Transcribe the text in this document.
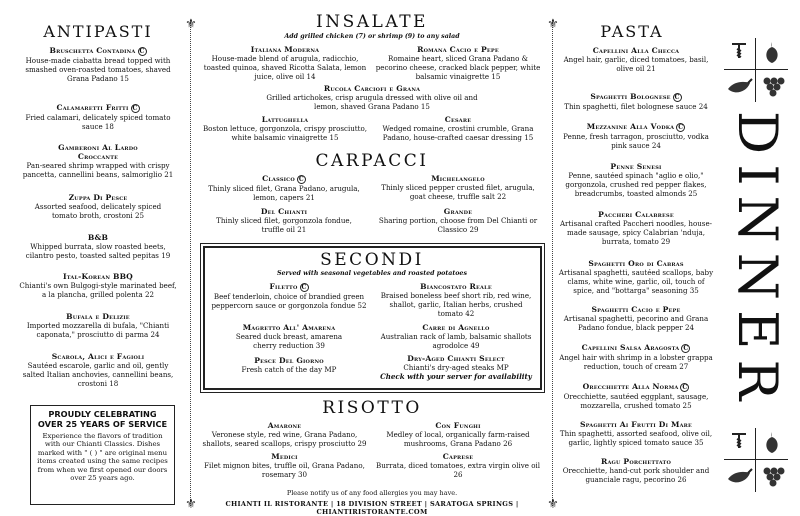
ANTIPASTI
Bruschetta Contadina C
House-made ciabatta bread topped with smashed oven-roasted tomatoes, shaved Grana Padano 15
Calamaretti Fritti C
Fried calamari, delicately spiced tomato sauce 18
Gamberoni Al Lardo Croccante
Pan-seared shrimp wrapped with crispy pancetta, cannellini beans, salmoriglio 21
Zuppa Di Pesce
Assorted seafood, delicately spiced tomato broth, crostoni 25
B&B
Whipped burrata, slow roasted beets, cilantro pesto, toasted salted pepitas 19
Ital-Korean BBQ
Chianti's own Bulgogi-style marinated beef, a la plancha, grilled polenta 22
Bufala e Delizie
Imported mozzarella di bufala, "Chianti caponata," prosciutto di parma 24
Scarola, Alici e Fagioli
Sautéed escarole, garlic and oil, gently salted Italian anchovies, cannellini beans, crostoni 18
PROUDLY CELEBRATING OVER 25 YEARS OF SERVICE
Experience the flavors of tradition with our Chianti Classics. Dishes marked with " ( ) " are original menu items created using the same recipes from when we first opened our doors over 25 years ago.
⚜
⚜
⚜
⚜
INSALATE
Add grilled chicken (7) or shrimp (9) to any salad
Italiana Moderna
House-made blend of arugula, radicchio, toasted quinoa, shaved Ricotta Salata, lemon juice, olive oil 14
Romana Cacio e Pepe
Romaine heart, sliced Grana Padano & pecorino cheese, cracked black pepper, white balsamic vinaigrette 15
Rucola Carciofi e Grana
Grilled artichokes, crisp arugula dressed with olive oil and lemon, shaved Grana Padano 15
Lattughella
Boston lettuce, gorgonzola, crispy prosciutto, white balsamic vinaigrette 15
Cesare
Wedged romaine, crostini crumble, Grana Padano, house-crafted caesar dressing 15
CARPACCI
Classico C
Thinly sliced filet, Grana Padano, arugula, lemon, capers 21
Michelangelo
Thinly sliced pepper crusted filet, arugula, goat cheese, truffle salt 22
Del Chianti
Thinly sliced filet, gorgonzola fondue, truffle oil 21
Grande
Sharing portion, choose from Del Chianti or Classico 29
SECONDI
Served with seasonal vegetables and roasted potatoes
Filetto C
Beef tenderloin, choice of brandied green peppercorn sauce or gorgonzola fondue 52
Biancostato Reale
Braised boneless beef short rib, red wine, shallot, garlic, Italian herbs, crushed tomato 42
Magretto All' Amarena
Seared duck breast, amarena cherry reduction 39
Carre di Agnello
Australian rack of lamb, balsamic shallots agrodolce 49
Pesce Del Giorno
Fresh catch of the day MP
Dry-Aged Chianti Select
Chianti's dry-aged steaks MP
Check with your server for availability
RISOTTO
Amarone
Veronese style, red wine, Grana Padano, shallots, seared scallops, crispy prosciutto 29
Con Funghi
Medley of local, organically farm-raised mushrooms, Grana Padano 26
Medici
Filet mignon bites, truffle oil, Grana Padano, rosemary 30
Caprese
Burrata, diced tomatoes, extra virgin olive oil 26
Please notify us of any food allergies you may have.
CHIANTI IL RISTORANTE | 18 DIVISION STREET | SARATOGA SPRINGS | CHIANTIRISTORANTE.COM
PASTA
Capellini Alla Checca
Angel hair, garlic, diced tomatoes, basil, olive oil 21
Spaghetti Bolognese C
Thin spaghetti, filet bolognese sauce 24
Mezzanine Alla Vodka C
Penne, fresh tarragon, prosciutto, vodka pink sauce 24
Penne Senesi
Penne, sautéed spinach "aglio e olio," gorgonzola, crushed red pepper flakes, breadcrumbs, toasted almonds 25
Paccheri Calabrese
Artisanal crafted Paccheri noodles, house-made sausage, spicy Calabrian 'nduja, burrata, tomato 29
Spaghetti Oro di Cabras
Artisanal spaghetti, sautéed scallops, baby clams, white wine, garlic, oil, touch of spice, and "bottarga" seasoning 35
Spaghetti Cacio e Pepe
Artisanal spaghetti, pecorino and Grana Padano fondue, black pepper 24
Capellini Salsa Aragosta C
Angel hair with shrimp in a lobster grappa reduction, touch of cream 27
Orecchiette Alla Norma C
Orecchiette, sautéed eggplant, sausage, mozzarella, crushed tomato 25
Spaghetti Ai Frutti Di Mare
Thin spaghetti, assorted seafood, olive oil, garlic, lightly spiced tomato sauce 35
Ragu Porchettato
Orecchiette, hand-cut pork shoulder and guanciale ragu, pecorino 26
DINNER
